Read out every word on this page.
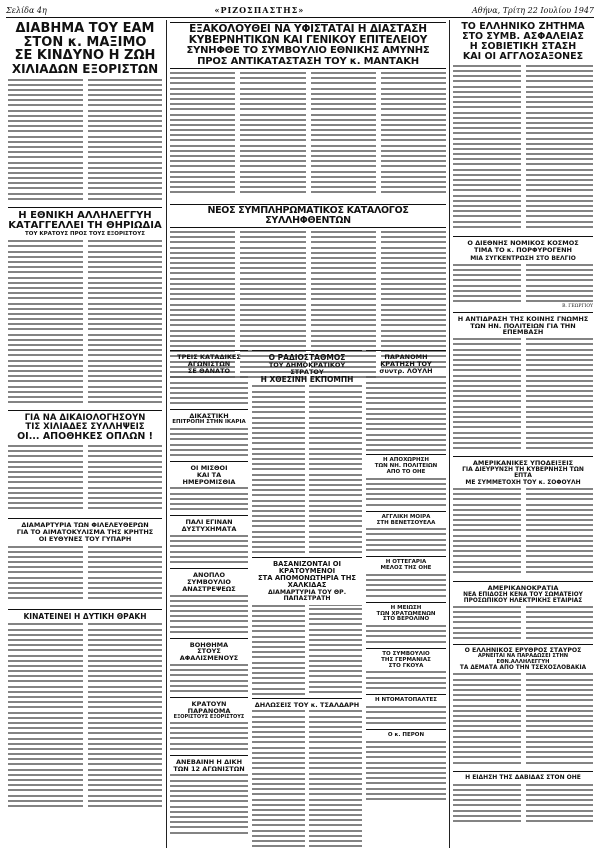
Σελίδα 4η	«ΡΙΖΟΣΠΑΣΤΗΣ»	Αθήνα, Τρίτη 22 Ιουλίου 1947

ΔΙΑΒΗΜΑ ΤΟΥ ΕΑΜ

ΣΤΟΝ κ. ΜΑΞΙΜΟ

ΣΕ ΚΙΝΔΥΝΟ Η ΖΩΗ

ΧΙΛΙΑΔΩΝ ΕΞΟΡΙΣΤΩΝ

Η ΕΘΝΙΚΗ ΑΛΛΗΛΕΓΓΥΗ

ΚΑΤΑΓΓΕΛΛΕΙ ΤΗ ΘΗΡΙΩΔΙΑ

ΤΟΥ ΚΡΑΤΟΥΣ ΠΡΟΣ ΤΟΥΣ ΕΞΟΡΙΣΤΟΥΣ

ΓΙΑ ΝΑ ΔΙΚΑΙΟΛΟΓΗΣΟΥΝ

ΤΙΣ ΧΙΛΙΑΔΕΣ ΣΥΛΛΗΨΕΙΣ

ΟΙ... ΑΠΟΘΗΚΕΣ ΟΠΛΩΝ !

ΔΙΑΜΑΡΤΥΡΙΑ ΤΩΝ ΦΙΛΕΛΕΥΘΕΡΩΝ

ΓΙΑ ΤΟ ΑΙΜΑΤΟΚΥΛΙΣΜΑ ΤΗΣ ΚΡΗΤΗΣ

ΟΙ ΕΥΘΥΝΕΣ ΤΟΥ ΓΥΠΑΡΗ

ΚΙΝΑΤΕΙΝΕΙ Η ΔΥΤΙΚΗ ΘΡΑΚΗ

ΕΞΑΚΟΛΟΥΘΕΙ ΝΑ ΥΦΙΣΤΑΤΑΙ Η ΔΙΑΣΤΑΣΗ

ΚΥΒΕΡΝΗΤΙΚΩΝ ΚΑΙ ΓΕΝΙΚΟΥ ΕΠΙΤΕΛΕΙΟΥ

ΣΥΝΗΦΘΕ ΤΟ ΣΥΜΒΟΥΛΙΟ ΕΘΝΙΚΗΣ ΑΜΥΝΗΣ

ΠΡΟΣ ΑΝΤΙΚΑΤΑΣΤΑΣΗ ΤΟΥ κ. ΜΑΝΤΑΚΗ

ΝΕΟΣ ΣΥΜΠΛΗΡΩΜΑΤΙΚΟΣ ΚΑΤΑΛΟΓΟΣ ΣΥΛΛΗΦΘΕΝΤΩΝ

ΤΡΕΙΣ ΚΑΤΑΔΙΚΕΣ

ΑΓΩΝΙΣΤΩΝ

ΣΕ ΘΑΝΑΤΟ

ΔΙΚΑΣΤΙΚΗ

ΕΠΙΤΡΟΠΗ ΣΤΗΝ ΙΚΑΡΙΑ

ΟΙ ΜΙΣΘΟΙ

ΚΑΙ ΤΑ ΗΜΕΡΟΜΙΣΘΙΑ

ΠΑΛΙ ΕΓΙΝΑΝ

ΔΥΣΤΥΧΗΜΑΤΑ

ΑΝΟΠΛΟ ΣΥΜΒΟΥΛΙΟ

ΑΝΑΣΤΡΕΨΕΩΣ

ΒΟΗΘΗΜΑ

ΣΤΟΥΣ

ΑΦΑΛΙΣΜΕΝΟΥΣ

ΚΡΑΤΟΥΝ ΠΑΡΑΝΟΜΑ

ΕΞΟΡΙΣΤΟΥΣ ΕΞΟΡΙΣΤΟΥΣ

ΑΝΕΒΑΙΝΗ Η ΔΙΚΗ

ΤΩΝ 12 ΑΓΩΝΙΣΤΩΝ

Ο ΡΑΔΙΟΣΤΑΘΜΟΣ

ΤΟΥ ΔΗΜΟΚΡΑΤΙΚΟΥ ΣΤΡΑΤΟΥ

Η ΧΘΕΣΙΝΗ ΕΚΠΟΜΠΗ

ΠΑΡΑΝΟΜΗ

ΚΡΑΤΗΣΗ ΤΟΥ

συντρ. ΛΟΥΛΗ

Η ΑΠΟΧΩΡΗΣΗ

ΤΩΝ ΝΗ. ΠΟΛΙΤΕΙΩΝ

ΑΠΟ ΤΟ ΟΗΕ

ΑΓΓΛΙΚΗ ΜΟΙΡΑ

ΣΤΗ ΒΕΝΕΤΣΟΥΕΛΑ

Η ΟΤΤΕΓΑΡΙΑ

ΜΕΛΟΣ ΤΗΣ ΟΗΕ

Η ΜΕΙΩΣΗ

ΤΩΝ ΧΡΑΤΩΜΕΝΩΝ

ΣΤΟ ΒΕΡΟΛΙΝΟ

ΤΟ ΣΥΜΒΟΥΛΙΟ

ΤΗΣ ΓΕΡΜΑΝΙΑΣ

ΣΤΟ ΓΚΟΥΑ

Η ΝΤΟΜΑΤΟΠΑΛΤΕΣ

Ο κ. ΠΕΡΟΝ

ΒΑΣΑΝΙΖΟΝΤΑΙ ΟΙ ΚΡΑΤΟΥΜΕΝΟΙ

ΣΤΑ ΑΠΟΜΟΝΩΤΗΡΙΑ ΤΗΣ ΧΑΛΚΙΔΑΣ

ΔΙΑΜΑΡΤΥΡΙΑ ΤΟΥ ΘΡ. ΠΑΠΑΣΤΡΑΤΗ

ΔΗΛΩΣΕΙΣ ΤΟΥ κ. ΤΣΑΛΔΑΡΗ

ΤΟ ΕΛΛΗΝΙΚΟ ΖΗΤΗΜΑ

ΣΤΟ ΣΥΜΒ. ΑΣΦΑΛΕΙΑΣ

Η ΣΟΒΙΕΤΙΚΗ ΣΤΑΣΗ

ΚΑΙ ΟΙ ΑΓΓΛΟΣΑΞΟΝΕΣ

Ο ΔΙΕΘΝΗΣ ΝΟΜΙΚΟΣ ΚΟΣΜΟΣ

ΤΙΜΑ ΤΟ κ. ΠΟΡΦΥΡΟΓΕΝΗ

ΜΙΑ ΣΥΓΚΕΝΤΡΩΣΗ ΣΤΟ ΒΕΛΓΙΟ

Β. ΓΕΩΡΓΙΟΥ

Η ΑΝΤΙΔΡΑΣΗ ΤΗΣ ΚΟΙΝΗΣ ΓΝΩΜΗΣ

ΤΩΝ ΗΝ. ΠΟΛΙΤΕΙΩΝ ΓΙΑ ΤΗΝ ΕΠΕΜΒΑΣΗ

ΑΜΕΡΙΚΑΝΙΚΕΣ ΥΠΟΔΕΙΞΕΙΣ

ΓΙΑ ΔΙΕΥΡΥΝΣΗ ΤΗ ΚΥΒΕΡΝΗΣΗ ΤΩΝ ΕΠΤΑ

ΜΕ ΣΥΜΜΕΤΟΧΗ ΤΟΥ κ. ΣΟΦΟΥΛΗ

ΑΜΕΡΙΚΑΝΟΚΡΑΤΙΑ

ΝΕΑ ΕΠΙΔΟΣΗ ΚΕΝΑ ΤΟΥ ΣΩΜΑΤΕΙΟΥ

ΠΡΟΣΩΠΙΚΟΥ ΗΛΕΚΤΡΙΚΗΣ ΕΤΑΙΡΙΑΣ

Ο ΕΛΛΗΝΙΚΟΣ ΕΡΥΘΡΟΣ ΣΤΑΥΡΟΣ

ΑΡΝΕΙΤΑΙ ΝΑ ΠΑΡΑΔΩΣΕΙ ΣΤΗΝ ΕΘΝ.ΑΛΛΗΛΕΓΓΥΗ

ΤΑ ΔΕΜΑΤΑ ΑΠΟ ΤΗΝ ΤΣΕΧΟΣΛΟΒΑΚΙΑ

Η ΕΙΔΗΣΗ ΤΗΣ ΔΑΒΙΔΑΣ ΣΤΟΝ ΟΗΕ
